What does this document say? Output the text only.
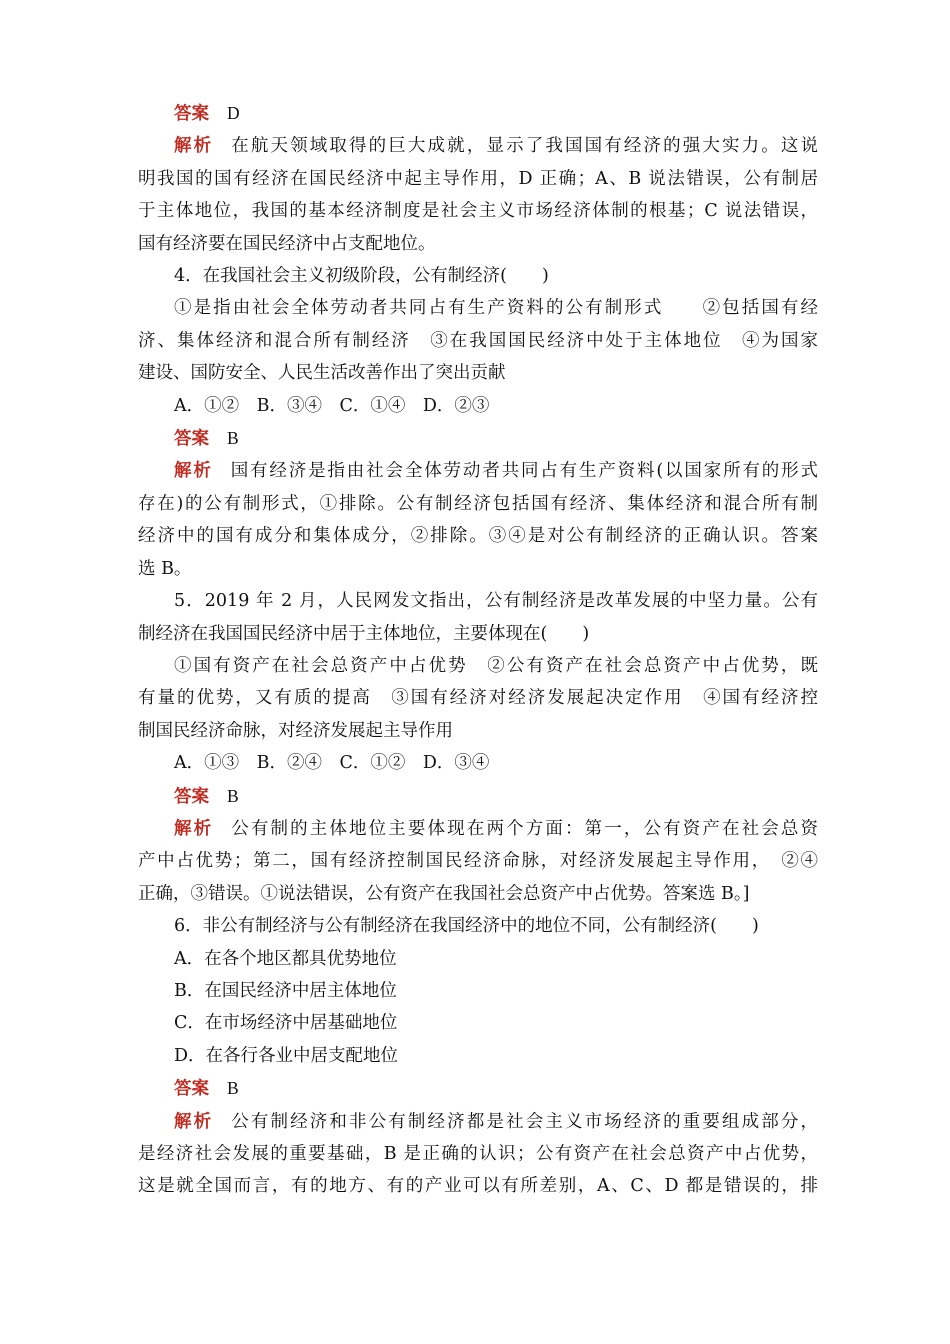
答案 D
解析 在航天领域取得的巨大成就，显示了我国国有经济的强大实力。这说
明我国的国有经济在国民经济中起主导作用，D 正确；A、B 说法错误，公有制居
于主体地位，我国的基本经济制度是社会主义市场经济体制的根基；C 说法错误，
国有经济要在国民经济中占支配地位。
4．在我国社会主义初级阶段，公有制经济(　　)
①是指由社会全体劳动者共同占有生产资料的公有制形式　　②包括国有经
济、集体经济和混合所有制经济　③在我国国民经济中处于主体地位　④为国家
建设、国防安全、人民生活改善作出了突出贡献
A．①②　B．③④　C．①④　D．②③
答案 B
解析 国有经济是指由社会全体劳动者共同占有生产资料(以国家所有的形式
存在)的公有制形式，①排除。公有制经济包括国有经济、集体经济和混合所有制
经济中的国有成分和集体成分，②排除。③④是对公有制经济的正确认识。答案
选 B。
5．2019 年 2 月，人民网发文指出，公有制经济是改革发展的中坚力量。公有
制经济在我国国民经济中居于主体地位，主要体现在(　　)
①国有资产在社会总资产中占优势　②公有资产在社会总资产中占优势，既
有量的优势，又有质的提高　③国有经济对经济发展起决定作用　④国有经济控
制国民经济命脉，对经济发展起主导作用
A．①③　B．②④　C．①②　D．③④
答案 B
解析 公有制的主体地位主要体现在两个方面：第一，公有资产在社会总资
产中占优势；第二，国有经济控制国民经济命脉，对经济发展起主导作用，　②④
正确，③错误。①说法错误，公有资产在我国社会总资产中占优势。答案选 B。]
6．非公有制经济与公有制经济在我国经济中的地位不同，公有制经济(　　)
A．在各个地区都具优势地位
B．在国民经济中居主体地位
C．在市场经济中居基础地位
D．在各行各业中居支配地位
答案 B
解析 公有制经济和非公有制经济都是社会主义市场经济的重要组成部分，
是经济社会发展的重要基础，B 是正确的认识；公有资产在社会总资产中占优势，
这是就全国而言，有的地方、有的产业可以有所差别，A、C、D 都是错误的，排
